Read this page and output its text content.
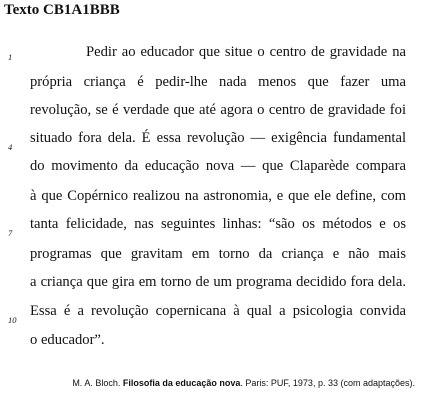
Texto CB1A1BBB
1
4
7
10
Pedir ao educador que situe o centro de gravidade na
própria criança é pedir-lhe nada menos que fazer uma
revolução, se é verdade que até agora o centro de gravidade foi
situado fora dela. É essa revolução — exigência fundamental
do movimento da educação nova — que Claparède compara
à que Copérnico realizou na astronomia, e que ele define, com
tanta felicidade, nas seguintes linhas: “são os métodos e os
programas que gravitam em torno da criança e não mais
a criança que gira em torno de um programa decidido fora dela.
Essa é a revolução copernicana à qual a psicologia convida
o educador”.
M. A. Bloch. Filosofia da educação nova. Paris: PUF, 1973, p. 33 (com adaptações).
